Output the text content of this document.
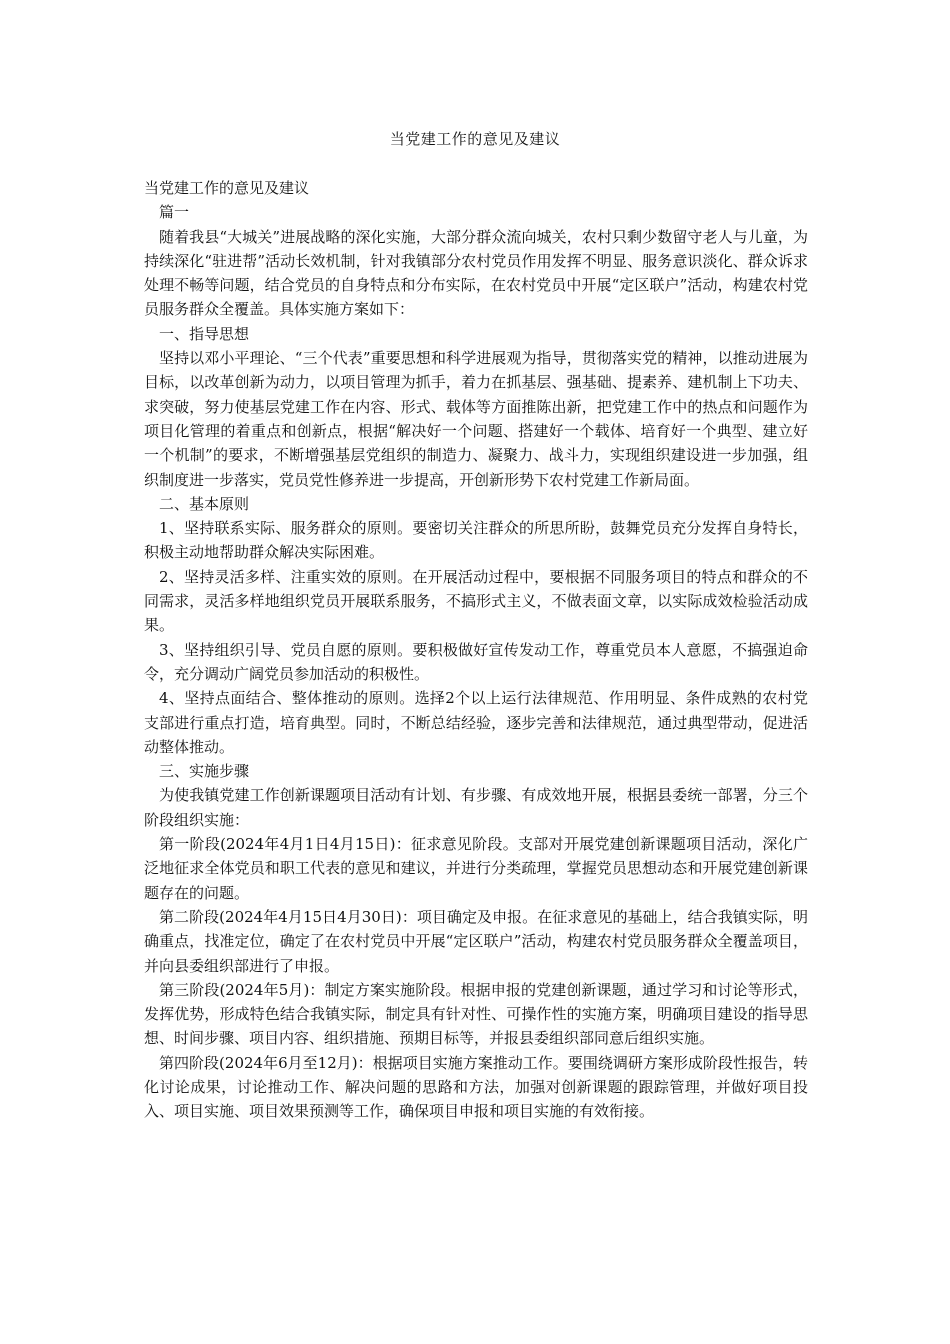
当党建工作的意见及建议

当党建工作的意见及建议

篇一

随着我县“大城关”进展战略的深化实施，大部分群众流向城关，农村只剩少数留守老人与儿童，为持续深化“驻进帮”活动长效机制，针对我镇部分农村党员作用发挥不明显、服务意识淡化、群众诉求处理不畅等问题，结合党员的自身特点和分布实际，在农村党员中开展“定区联户”活动，构建农村党员服务群众全覆盖。具体实施方案如下：

一、指导思想

坚持以邓小平理论、“三个代表”重要思想和科学进展观为指导，贯彻落实党的精神，以推动进展为目标，以改革创新为动力，以项目管理为抓手，着力在抓基层、强基础、提素养、建机制上下功夫、求突破，努力使基层党建工作在内容、形式、载体等方面推陈出新，把党建工作中的热点和问题作为项目化管理的着重点和创新点，根据“解决好一个问题、搭建好一个载体、培育好一个典型、建立好一个机制”的要求，不断增强基层党组织的制造力、凝聚力、战斗力，实现组织建设进一步加强，组织制度进一步落实，党员党性修养进一步提高，开创新形势下农村党建工作新局面。

二、基本原则

1、坚持联系实际、服务群众的原则。要密切关注群众的所思所盼，鼓舞党员充分发挥自身特长，积极主动地帮助群众解决实际困难。

2、坚持灵活多样、注重实效的原则。在开展活动过程中，要根据不同服务项目的特点和群众的不同需求，灵活多样地组织党员开展联系服务，不搞形式主义，不做表面文章，以实际成效检验活动成果。

3、坚持组织引导、党员自愿的原则。要积极做好宣传发动工作，尊重党员本人意愿，不搞强迫命令，充分调动广阔党员参加活动的积极性。

4、坚持点面结合、整体推动的原则。选择2个以上运行法律规范、作用明显、条件成熟的农村党支部进行重点打造，培育典型。同时，不断总结经验，逐步完善和法律规范，通过典型带动，促进活动整体推动。

三、实施步骤

为使我镇党建工作创新课题项目活动有计划、有步骤、有成效地开展，根据县委统一部署，分三个阶段组织实施：

第一阶段(2024年4月1日4月15日)：征求意见阶段。支部对开展党建创新课题项目活动，深化广泛地征求全体党员和职工代表的意见和建议，并进行分类疏理，掌握党员思想动态和开展党建创新课题存在的问题。

第二阶段(2024年4月15日4月30日)：项目确定及申报。在征求意见的基础上，结合我镇实际，明确重点，找准定位，确定了在农村党员中开展“定区联户”活动，构建农村党员服务群众全覆盖项目，并向县委组织部进行了申报。

第三阶段(2024年5月)：制定方案实施阶段。根据申报的党建创新课题，通过学习和讨论等形式，发挥优势，形成特色结合我镇实际，制定具有针对性、可操作性的实施方案，明确项目建设的指导思想、时间步骤、项目内容、组织措施、预期目标等，并报县委组织部同意后组织实施。

第四阶段(2024年6月至12月)：根据项目实施方案推动工作。要围绕调研方案形成阶段性报告，转化讨论成果，讨论推动工作、解决问题的思路和方法，加强对创新课题的跟踪管理，并做好项目投入、项目实施、项目效果预测等工作，确保项目申报和项目实施的有效衔接。
